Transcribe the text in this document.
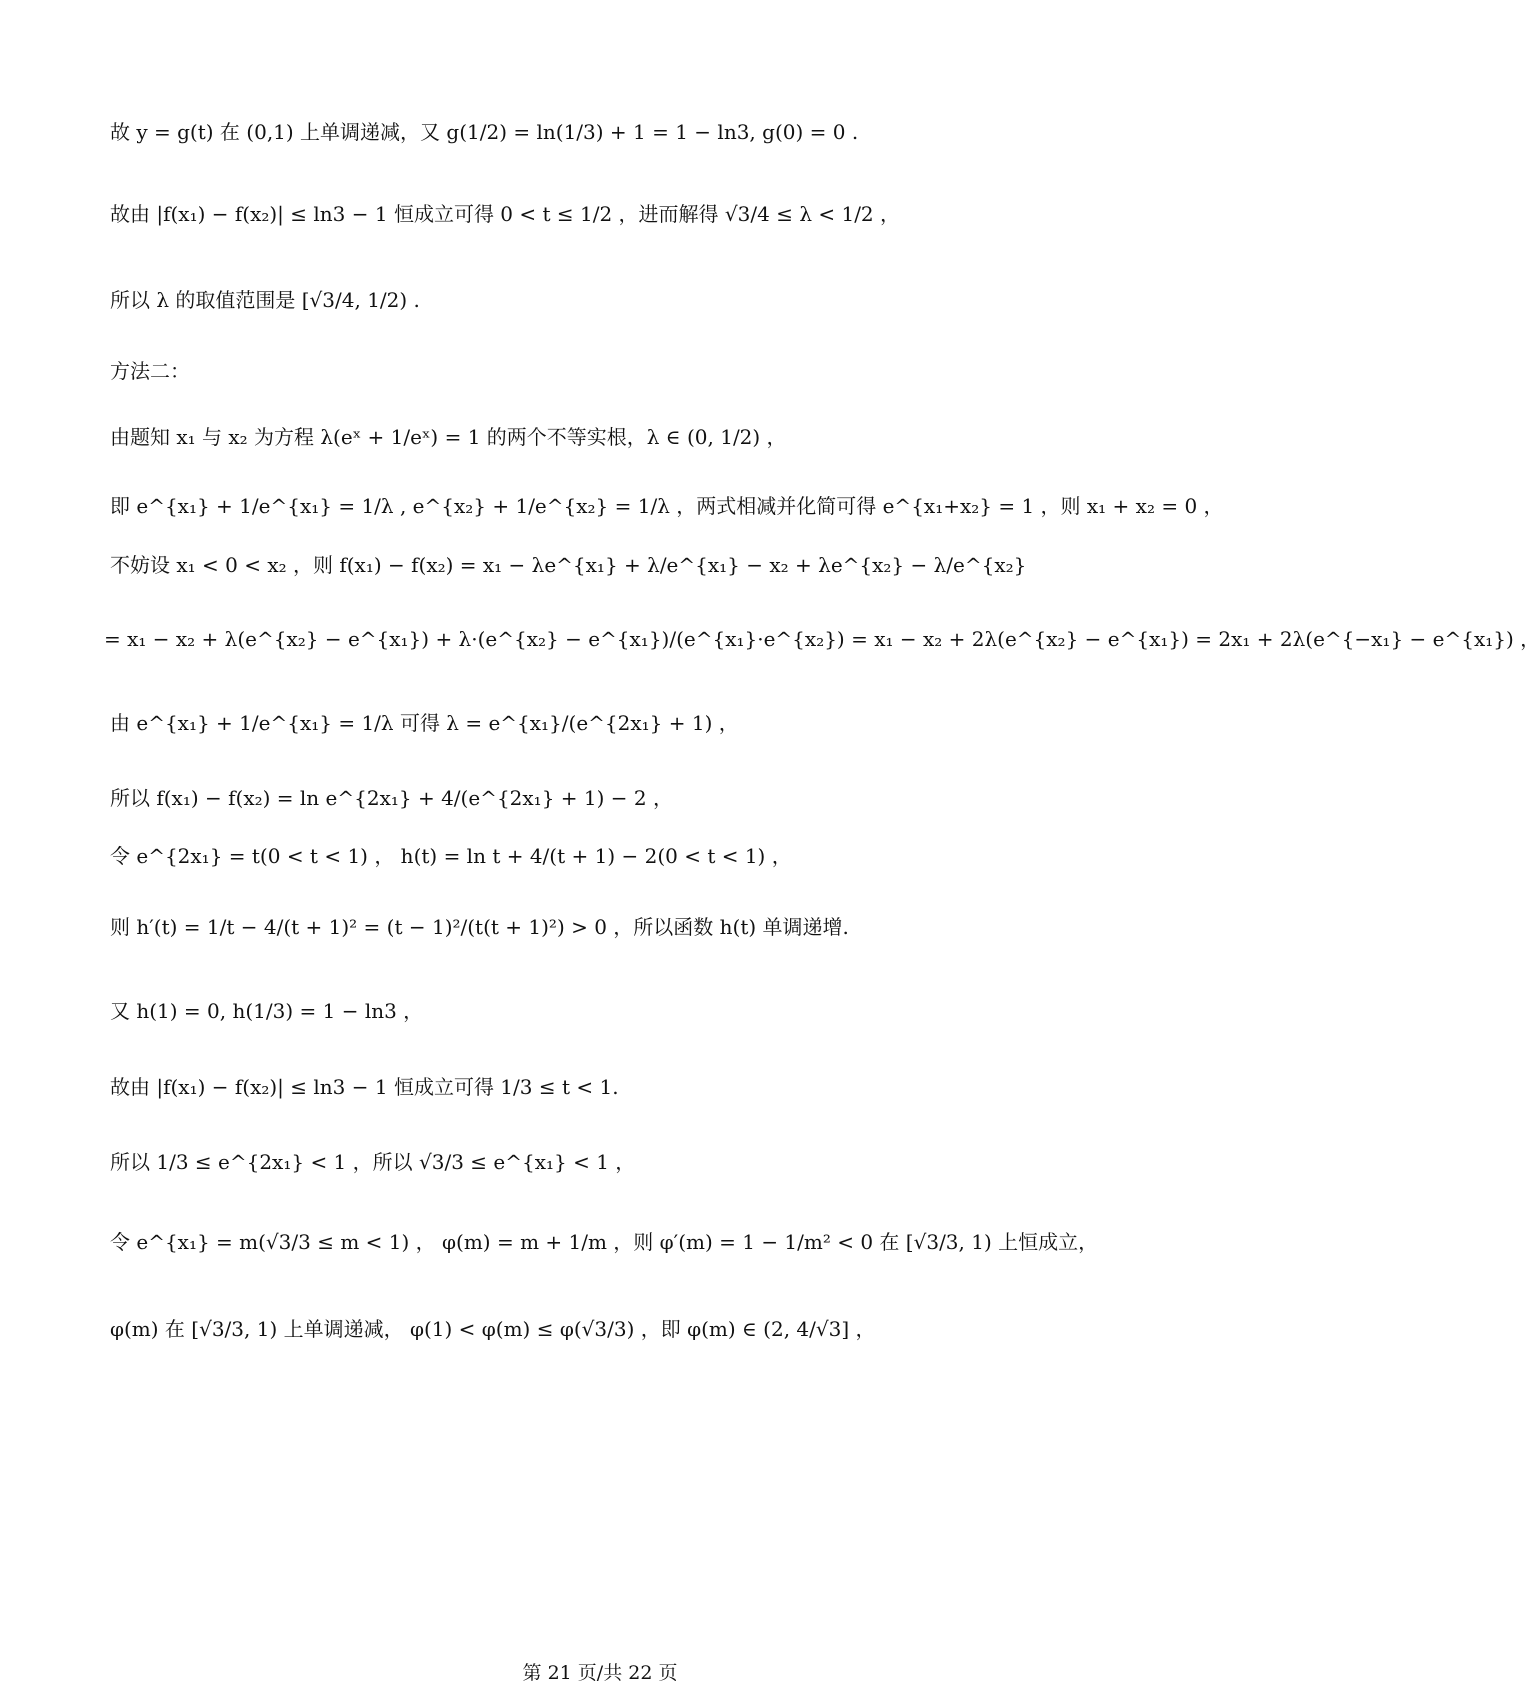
故 y = g(t) 在 (0,1) 上单调递减，又 g(1/2) = ln(1/3) + 1 = 1 − ln3, g(0) = 0 .
故由 |f(x₁) − f(x₂)| ≤ ln3 − 1 恒成立可得 0 < t ≤ 1/2 ，进而解得 √3/4 ≤ λ < 1/2 ，
所以 λ 的取值范围是 [√3/4, 1/2) .
方法二：
由题知 x₁ 与 x₂ 为方程 λ(eˣ + 1/eˣ) = 1 的两个不等实根，λ ∈ (0, 1/2) ，
即 e^{x₁} + 1/e^{x₁} = 1/λ , e^{x₂} + 1/e^{x₂} = 1/λ ，两式相减并化简可得 e^{x₁+x₂} = 1 ，则 x₁ + x₂ = 0 ，
不妨设 x₁ < 0 < x₂ ，则 f(x₁) − f(x₂) = x₁ − λe^{x₁} + λ/e^{x₁} − x₂ + λe^{x₂} − λ/e^{x₂}
= x₁ − x₂ + λ(e^{x₂} − e^{x₁}) + λ·(e^{x₂} − e^{x₁})/(e^{x₁}·e^{x₂}) = x₁ − x₂ + 2λ(e^{x₂} − e^{x₁}) = 2x₁ + 2λ(e^{−x₁} − e^{x₁}) ，
由 e^{x₁} + 1/e^{x₁} = 1/λ 可得 λ = e^{x₁}/(e^{2x₁} + 1) ，
所以 f(x₁) − f(x₂) = ln e^{2x₁} + 4/(e^{2x₁} + 1) − 2 ，
令 e^{2x₁} = t(0 < t < 1) ， h(t) = ln t + 4/(t + 1) − 2(0 < t < 1) ，
则 h′(t) = 1/t − 4/(t + 1)² = (t − 1)²/(t(t + 1)²) > 0 ，所以函数 h(t) 单调递增.
又 h(1) = 0, h(1/3) = 1 − ln3 ，
故由 |f(x₁) − f(x₂)| ≤ ln3 − 1 恒成立可得 1/3 ≤ t < 1.
所以 1/3 ≤ e^{2x₁} < 1 ，所以 √3/3 ≤ e^{x₁} < 1 ，
令 e^{x₁} = m(√3/3 ≤ m < 1) ， φ(m) = m + 1/m ，则 φ′(m) = 1 − 1/m² < 0 在 [√3/3, 1) 上恒成立，
φ(m) 在 [√3/3, 1) 上单调递减， φ(1) < φ(m) ≤ φ(√3/3) ，即 φ(m) ∈ (2, 4/√3] ，
第 21 页/共 22 页
